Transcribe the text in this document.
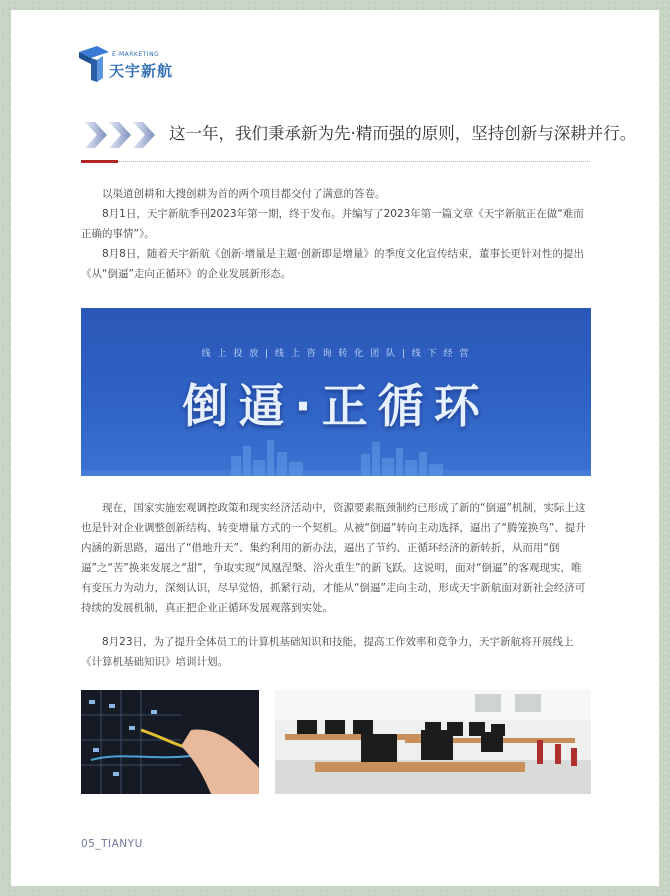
E-MARKETING
天宇新航
这一年，我们秉承新为先·精而强的原则，坚持创新与深耕并行。

以渠道创耕和大搜创耕为首的两个项目都交付了满意的答卷。

8月1日，天宇新航季刊2023年第一期，终于发布。并编写了2023年第一篇文章《天宇新航正在做“难而正确的事情”》。

8月8日，随着天宇新航《创新·增量是主题·创新即是增量》的季度文化宣传结束，董事长更针对性的提出《从“倒逼”走向正循环》的企业发展新形态。

线 上 投 放 | 线 上 咨 询 转 化 团 队 | 线 下 经 营
倒逼·正循环

现在，国家实施宏观调控政策和现实经济活动中，资源要素瓶颈制约已形成了新的“倒逼”机制，实际上这也是针对企业调整创新结构、转变增量方式的一个契机。从被“倒逼”转向主动选择，逼出了“腾笼换鸟”、提升内涵的新思路，逼出了“借地升天”、集约利用的新办法，逼出了节约、正循环经济的新转折，从而用“倒逼”之“苦”换来发展之“甜”，争取实现“凤凰涅槃、浴火重生”的新飞跃。这说明，面对“倒逼”的客观现实，唯有变压力为动力，深刻认识，尽早觉悟，抓紧行动，才能从“倒逼”走向主动，形成天宇新航面对新社会经济可持续的发展机制，真正把企业正循环发展观落到实处。

8月23日，为了提升全体员工的计算机基础知识和技能，提高工作效率和竞争力，天宇新航将开展线上《计算机基础知识》培训计划。

05_TIANYU
